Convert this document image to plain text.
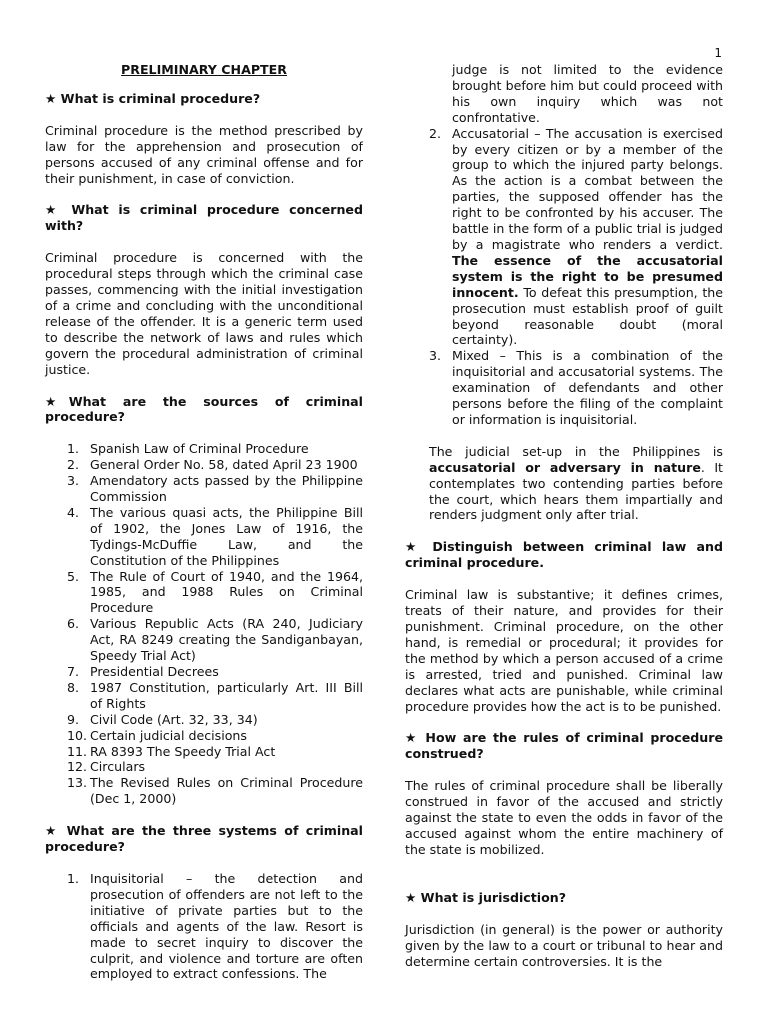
1

PRELIMINARY CHAPTER

★ What is criminal procedure?

Criminal procedure is the method prescribed by law for the apprehension and prosecution of persons accused of any criminal offense and for their punishment, in case of conviction.

★ What is criminal procedure concerned with?

Criminal procedure is concerned with the procedural steps through which the criminal case passes, commencing with the initial investigation of a crime and concluding with the unconditional release of the offender. It is a generic term used to describe the network of laws and rules which govern the procedural administration of criminal justice.

★What are the sources of criminal procedure?

1. Spanish Law of Criminal Procedure
2. General Order No. 58, dated April 23 1900
3. Amendatory acts passed by the Philippine Commission
4. The various quasi acts, the Philippine Bill of 1902, the Jones Law of 1916, the Tydings-McDuffie Law, and the Constitution of the Philippines
5. The Rule of Court of 1940, and the 1964, 1985, and 1988 Rules on Criminal Procedure
6. Various Republic Acts (RA 240, Judiciary Act, RA 8249 creating the Sandiganbayan, Speedy Trial Act)
7. Presidential Decrees
8. 1987 Constitution, particularly Art. III Bill of Rights
9. Civil Code (Art. 32, 33, 34)
10. Certain judicial decisions
11. RA 8393 The Speedy Trial Act
12. Circulars
13. The Revised Rules on Criminal Procedure (Dec 1, 2000)

★ What are the three systems of criminal procedure?

1. Inquisitorial – the detection and prosecution of offenders are not left to the initiative of private parties but to the officials and agents of the law. Resort is made to secret inquiry to discover the culprit, and violence and torture are often employed to extract confessions. The

judge is not limited to the evidence brought before him but could proceed with his own inquiry which was not confrontative.

2. Accusatorial – The accusation is exercised by every citizen or by a member of the group to which the injured party belongs. As the action is a combat between the parties, the supposed offender has the right to be confronted by his accuser. The battle in the form of a public trial is judged by a magistrate who renders a verdict. The essence of the accusatorial system is the right to be presumed innocent. To defeat this presumption, the prosecution must establish proof of guilt beyond reasonable doubt (moral certainty).
3. Mixed – This is a combination of the inquisitorial and accusatorial systems. The examination of defendants and other persons before the filing of the complaint or information is inquisitorial.

The judicial set-up in the Philippines is accusatorial or adversary in nature. It contemplates two contending parties before the court, which hears them impartially and renders judgment only after trial.

★ Distinguish between criminal law and criminal procedure.

Criminal law is substantive; it defines crimes, treats of their nature, and provides for their punishment. Criminal procedure, on the other hand, is remedial or procedural; it provides for the method by which a person accused of a crime is arrested, tried and punished. Criminal law declares what acts are punishable, while criminal procedure provides how the act is to be punished.

★ How are the rules of criminal procedure construed?

The rules of criminal procedure shall be liberally construed in favor of the accused and strictly against the state to even the odds in favor of the accused against whom the entire machinery of the state is mobilized.

★ What is jurisdiction?

Jurisdiction (in general) is the power or authority given by the law to a court or tribunal to hear and determine certain controversies. It is the
